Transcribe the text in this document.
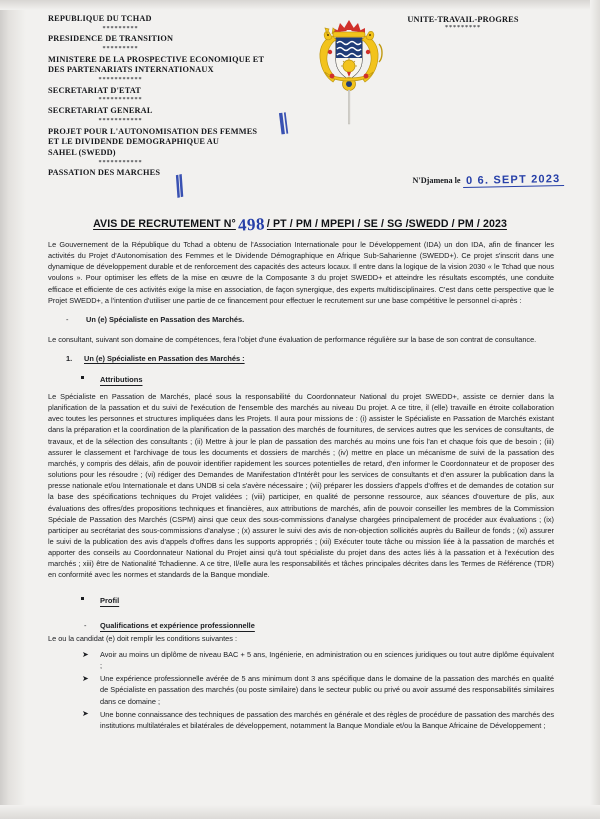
REPUBLIQUE DU TCHAD
*********
PRESIDENCE DE TRANSITION
*********
MINISTERE DE LA PROSPECTIVE ECONOMIQUE ET
DES PARTENARIATS INTERNATIONAUX
***********
SECRETARIAT D'ETAT
***********
SECRETARIAT GENERAL
***********
PROJET POUR L'AUTONOMISATION DES FEMMES
ET LE DIVIDENDE DEMOGRAPHIQUE AU
SAHEL (SWEDD)
***********
PASSATION DES MARCHES
UNITE-TRAVAIL-PROGRES
*********
𝄃
∥	N'Djamena le 0 6. SEPT 2023
AVIS DE RECRUTEMENT N°498 / PT / PM / MPEPI / SE / SG /SWEDD / PM / 2023

Le Gouvernement de la République du Tchad a obtenu de l'Association Internationale pour le Développement (IDA) un don IDA, afin de financer les activités du Projet d'Autonomisation des Femmes et le Dividende Démographique en Afrique Sub-Saharienne (SWEDD+). Ce projet s'inscrit dans une dynamique de développement durable et de renforcement des capacités des acteurs locaux. Il entre dans la logique de la vision 2030 « le Tchad que nous voulons ». Pour optimiser les effets de la mise en œuvre de la Composante 3 du projet SWEDD+ et atteindre les résultats escomptés, une conduite efficace et efficiente de ces activités exige la mise en association, de façon synergique, des experts multidisciplinaires. C'est dans cette perspective que le Projet SWEDD+, a l'intention d'utiliser une partie de ce financement pour effectuer le recrutement sur une base compétitive le personnel ci-après :

- Un (e) Spécialiste en Passation des Marchés.

Le consultant, suivant son domaine de compétences, fera l'objet d'une évaluation de performance régulière sur la base de son contrat de consultance.

1. Un (e) Spécialiste en Passation des Marchés :

Attributions

Le Spécialiste en Passation de Marchés, placé sous la responsabilité du Coordonnateur National du projet SWEDD+, assiste ce dernier dans la planification de la passation et du suivi de l'exécution de l'ensemble des marchés au niveau Du projet. A ce titre, il (elle) travaille en étroite collaboration avec toutes les personnes et structures impliquées dans les Projets. Il aura pour missions de : (i) assister le Spécialiste en Passation de Marchés existant dans la préparation et la coordination de la planification de la passation des marchés de fournitures, de services autres que les services de consultants, de travaux, et de la sélection des consultants ; (ii) Mettre à jour le plan de passation des marchés au moins une fois l'an et chaque fois que de besoin ; (iii) assurer le classement et l'archivage de tous les documents et dossiers de marchés ; (iv) mettre en place un mécanisme de suivi de la passation des marchés, y compris des délais, afin de pouvoir identifier rapidement les sources potentielles de retard, d'en informer le Coordonnateur et de proposer des solutions pour les résoudre ; (vi) rédiger des Demandes de Manifestation d'Intérêt pour les services de consultants et d'en assurer la publication dans la presse nationale et/ou Internationale et dans UNDB si cela s'avère nécessaire ; (vii) préparer les dossiers d'appels d'offres et de demandes de cotation sur la base des spécifications techniques du Projet validées ; (viii) participer, en qualité de personne ressource, aux séances d'ouverture de plis, aux évaluations des offres/des propositions techniques et financières, aux attributions de marchés, afin de pouvoir conseiller les membres de la Commission Spéciale de Passation des Marchés (CSPM) ainsi que ceux des sous-commissions d'analyse chargées principalement de procéder aux évaluations ; (ix) participer au secrétariat des sous-commissions d'analyse ; (x) assurer le suivi des avis de non-objection sollicités auprès du Bailleur de fonds ; (xi) assurer le suivi de la publication des avis d'appels d'offres dans les supports appropriés ; (xii) Exécuter toute tâche ou mission liée à la passation de marchés et apporter des conseils au Coordonnateur National du Projet ainsi qu'à tout spécialiste du projet dans des actes liés à la passation et à l'exécution des marchés ; xiii) être de Nationalité Tchadienne. A ce titre, Il/elle aura les responsabilités et tâches principales décrites dans les Termes de Référence (TDR) en conformité avec les normes et standards de la Banque mondiale.

Profil

- Qualifications et expérience professionnelle

Le ou la candidat (e) doit remplir les conditions suivantes :

➤ Avoir au moins un diplôme de niveau BAC + 5 ans, Ingénierie, en administration ou en sciences juridiques ou tout autre diplôme équivalent ;
➤ Une expérience professionnelle avérée de 5 ans minimum dont 3 ans spécifique dans le domaine de la passation des marchés en qualité de Spécialiste en passation des marchés (ou poste similaire) dans le secteur public ou privé ou avoir assumé des responsabilités similaires dans ce domaine ;
➤ Une bonne connaissance des techniques de passation des marchés en générale et des règles de procédure de passation des marchés des institutions multilatérales et bilatérales de développement, notamment la Banque Mondiale et/ou la Banque Africaine de Développement ;
